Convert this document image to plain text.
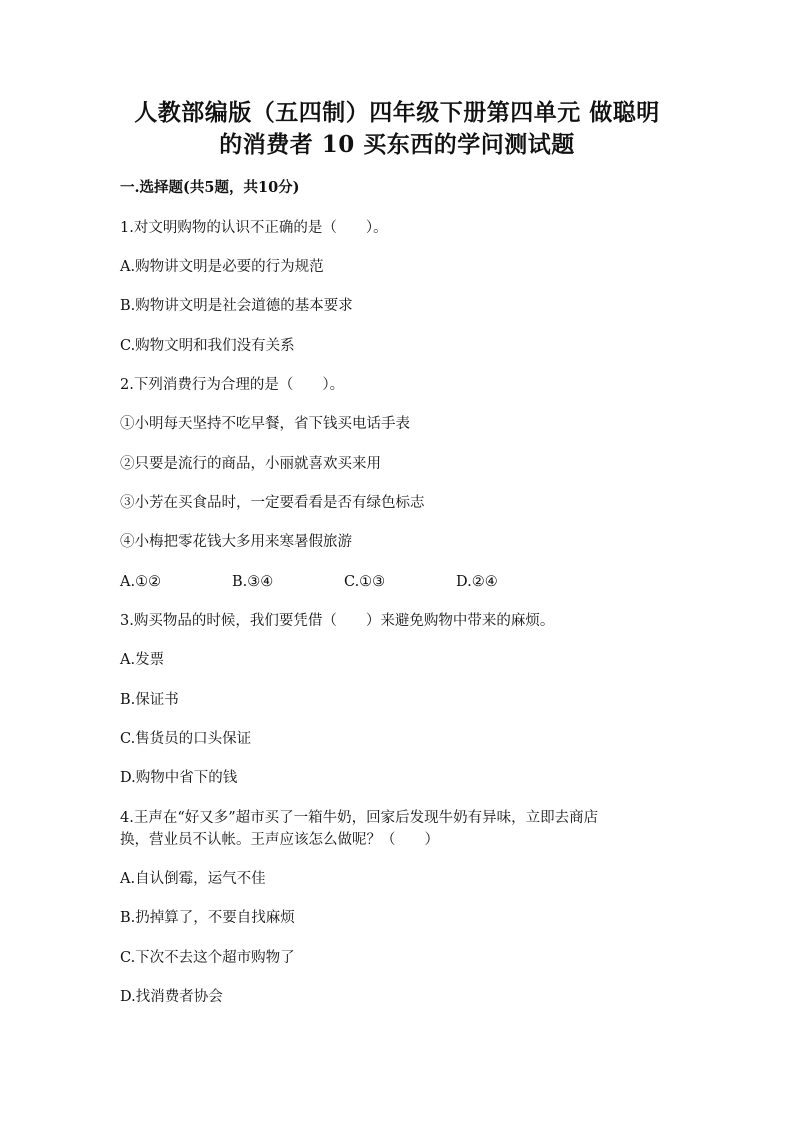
人教部编版（五四制）四年级下册第四单元 做聪明
的消费者 10 买东西的学问测试题
一.选择题(共5题，共10分)
1.对文明购物的认识不正确的是（　　）。
A.购物讲文明是必要的行为规范
B.购物讲文明是社会道德的基本要求
C.购物文明和我们没有关系
2.下列消费行为合理的是（　　）。
①小明每天坚持不吃早餐，省下钱买电话手表
②只要是流行的商品，小丽就喜欢买来用
③小芳在买食品时，一定要看看是否有绿色标志
④小梅把零花钱大多用来寒暑假旅游
A.①②	B.③④	C.①③	D.②④
3.购买物品的时候，我们要凭借（　　）来避免购物中带来的麻烦。
A.发票
B.保证书
C.售货员的口头保证
D.购物中省下的钱
4.王声在“好又多”超市买了一箱牛奶，回家后发现牛奶有异味，立即去商店
换，营业员不认帐。王声应该怎么做呢？（　　）
A.自认倒霉，运气不佳
B.扔掉算了，不要自找麻烦
C.下次不去这个超市购物了
D.找消费者协会
